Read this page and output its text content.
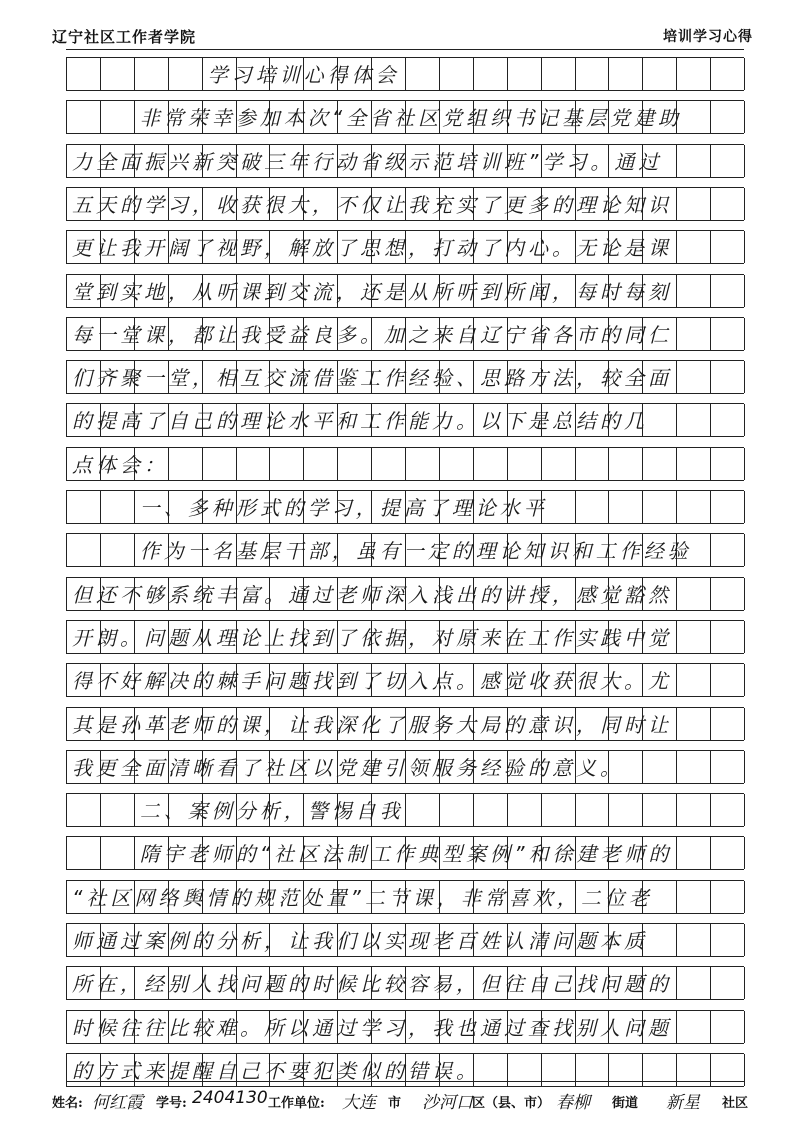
辽宁社区工作者学院	培训学习心得
学习培训心得体会
非常荣幸参加本次“全省社区党组织书记基层党建助
力全面振兴新突破三年行动省级示范培训班”学习。通过
五天的学习，收获很大，不仅让我充实了更多的理论知识
更让我开阔了视野，解放了思想，打动了内心。无论是课
堂到实地，从听课到交流，还是从所听到所闻，每时每刻
每一堂课，都让我受益良多。加之来自辽宁省各市的同仁
们齐聚一堂，相互交流借鉴工作经验、思路方法，较全面
的提高了自己的理论水平和工作能力。以下是总结的几
点体会：
一、多种形式的学习，提高了理论水平
作为一名基层干部，虽有一定的理论知识和工作经验
但还不够系统丰富。通过老师深入浅出的讲授，感觉豁然
开朗。问题从理论上找到了依据，对原来在工作实践中觉
得不好解决的棘手问题找到了切入点。感觉收获很大。尤
其是孙革老师的课，让我深化了服务大局的意识，同时让
我更全面清晰看了社区以党建引领服务经验的意义。
二、案例分析，警惕自我
隋宇老师的“社区法制工作典型案例”和徐建老师的
“社区网络舆情的规范处置”二节课，非常喜欢，二位老
师通过案例的分析，让我们以实现老百姓认清问题本质
所在，经别人找问题的时候比较容易，但往自己找问题的
时候往往比较难。所以通过学习，我也通过查找别人问题
的方式来提醒自己不要犯类似的错误。
姓名: 何红霞 学号: 2404130 工作单位: 大连 市 沙河口 区（县、市） 春柳 街道 新星 社区
